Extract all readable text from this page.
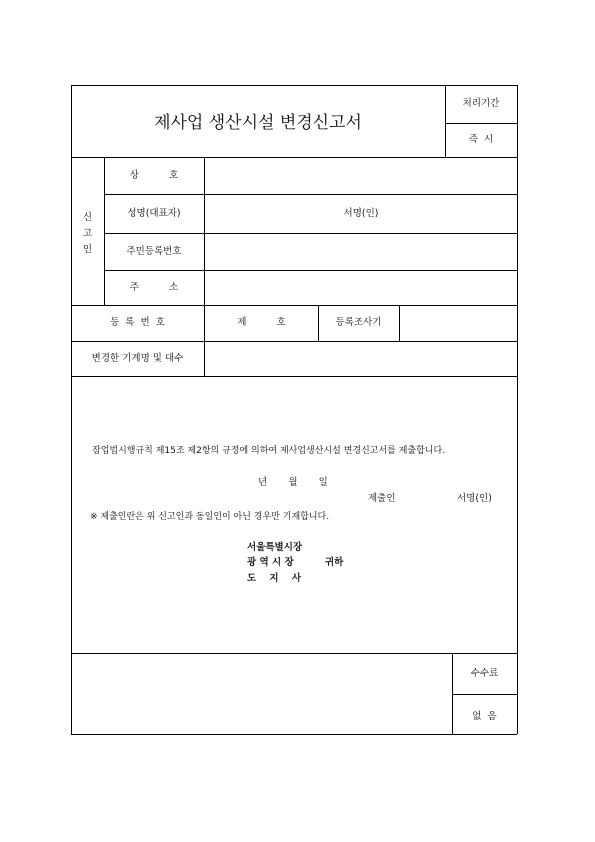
제사업 생산시설 변경신고서
처리기간
즉  시
신
고
인
상          호
성명(대표자)	서명(인)
주민등록번호
주          소
등  록  번  호	제          호	등록조사기
변경한 기계명 및 대수
잠업법시행규칙 제15조 제2항의 규정에 의하여 제사업생산시설 변경신고서를 제출합니다.
년       월       일
제출인	서명(인)
※ 제출인란은 위 신고인과 동일인이 아닌 경우만 기재합니다.
서울특별시장
광 역 시 장	귀하
도    지    사
수수료
없  음
